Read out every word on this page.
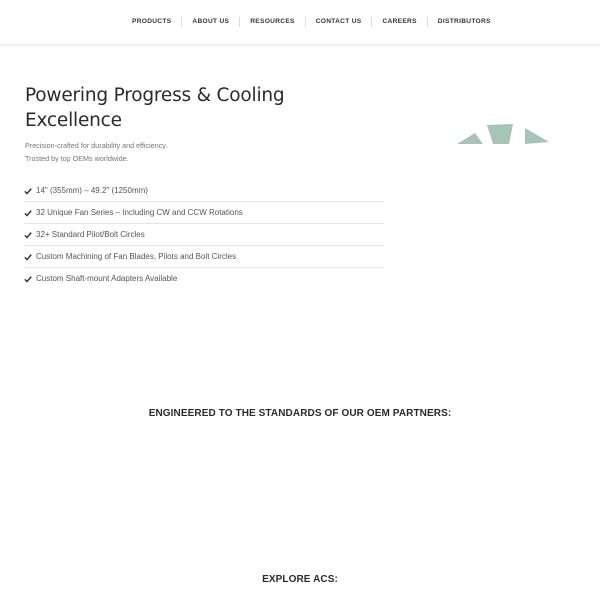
PRODUCTS	ABOUT US	RESOURCES	CONTACT US	CAREERS	DISTRIBUTORS
Powering Progress & Cooling Excellence
Precision-crafted for durability and efficiency.
Trusted by top OEMs worldwide.
14" (355mm) – 49.2" (1250mm)
32 Unique Fan Series – Including CW and CCW Rotations
32+ Standard Pilot/Bolt Circles
Custom Machining of Fan Blades, Pilots and Bolt Circles
Custom Shaft-mount Adapters Available
ENGINEERED TO THE STANDARDS OF OUR OEM PARTNERS:
EXPLORE ACS:
